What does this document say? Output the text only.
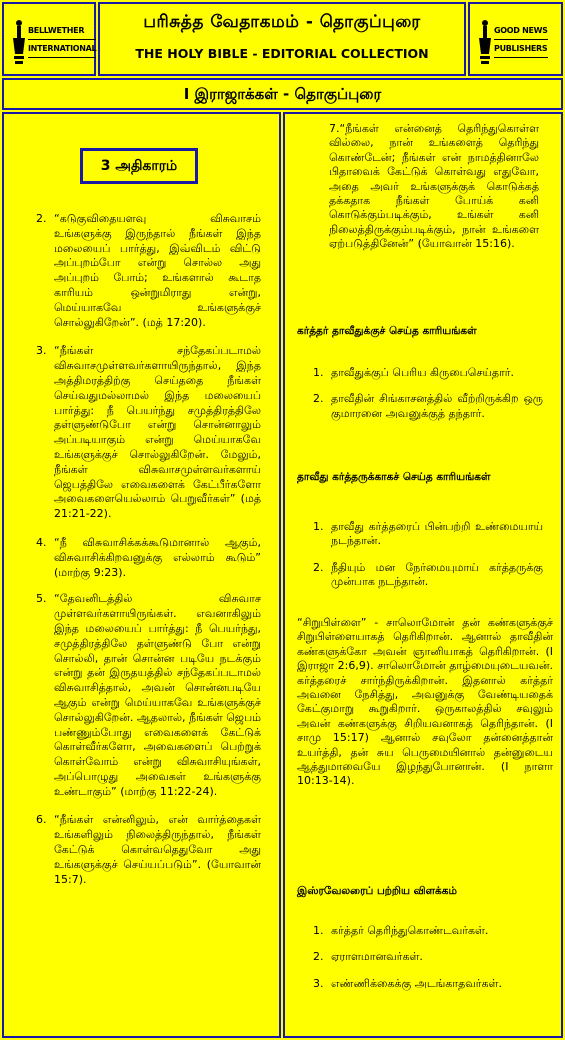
BELLWETHER
INTERNATIONAL
பரிசுத்த வேதாகமம் - தொகுப்புரை
THE HOLY BIBLE - EDITORIAL COLLECTION
GOOD NEWS
PUBLISHERS
I இராஜாக்கள் - தொகுப்புரை
3 அதிகாரம்
2. “கடுகுவிதையளவு விசுவாசம் உங்களுக்கு இருந்தால் நீங்கள் இந்த மலையைப் பார்த்து, இவ்விடம் விட்டு அப்புறம்போ என்று சொல்ல அது அப்புறம் போம்; உங்களால் கூடாத காரியம் ஒன்றுமிராது என்று, மெய்யாகவே உங்களுக்குச் சொல்லுகிறேன்”. (மத் 17:20).
3. “நீங்கள் சந்தேகப்படாமல் விசுவாசமுள்ளவர்களாயிருந்தால், இந்த அத்திமரத்திற்கு செய்ததை நீங்கள் செய்வதுமல்லாமல் இந்த மலையைப் பார்த்து: நீ பெயர்ந்து சமுத்திரத்திலே தள்ளுண்டுபோ என்று சொன்னாலும் அப்படியாகும் என்று மெய்யாகவே உங்களுக்குச் சொல்லுகிறேன். மேலும், நீங்கள் விசுவாசமுள்ளவர்களாய் ஜெபத்திலே எவைகளைக் கேட்பீர்களோ அவைகளையெல்லாம் பெறுவீர்கள்” (மத் 21:21-22).
4. “நீ விசுவாசிக்கக்கூடுமானால் ஆகும், விசுவாசிக்கிறவனுக்கு எல்லாம் கூடும்” (மாற்கு 9:23).
5. “தேவனிடத்தில் விசுவாச முள்ளவர்களாயிருங்கள். எவனாகிலும் இந்த மலையைப் பார்த்து: நீ பெயர்ந்து, சமுத்திரத்திலே தள்ளுண்டு போ என்று சொல்லி, தான் சொன்ன படியே நடக்கும் என்று தன் இருதயத்தில் சந்தேகப்படாமல் விசுவாசித்தால், அவன் சொன்னபடியே ஆகும் என்று மெய்யாகவே உங்களுக்குச் சொல்லுகிறேன். ஆதலால், நீங்கள் ஜெபம் பண்ணும்போது எவைகளைக் கேட்டுக் கொள்வீர்களோ, அவைகளைப் பெற்றுக் கொள்வோம் என்று விசுவாசியுங்கள், அப்பொழுது அவைகள் உங்களுக்கு உண்டாகும்” (மாற்கு 11:22-24).
6. “நீங்கள் என்னிலும், என் வார்த்தைகள் உங்களிலும் நிலைத்திருந்தால், நீங்கள் கேட்டுக் கொள்வதெதுவோ அது உங்களுக்குச் செய்யப்படும்”. (யோவான் 15:7).
7.“நீங்கள் என்னைத் தெரிந்துகொள்ள வில்லை, நான் உங்களைத் தெரிந்து கொண்டேன்; நீங்கள் என் நாமத்தினாலே பிதாவைக் கேட்டுக் கொள்வது எதுவோ, அதை அவர் உங்களுக்குக் கொடுக்கத் தக்கதாக நீங்கள் போய்க் கனி கொடுக்கும்படிக்கும், உங்கள் கனி நிலைத்திருக்கும்படிக்கும், நான் உங்களை ஏற்படுத்தினேன்” (யோவான் 15:16).
கர்த்தர் தாவீதுக்குச் செய்த காரியங்கள்
1. தாவீதுக்குப் பெரிய கிருபைசெய்தார்.
2. தாவீதின் சிங்காசனத்தில் வீற்றிருக்கிற ஒரு குமாரனை அவனுக்குத் தந்தார்.
தாவீது கர்த்தருக்காகச் செய்த காரியங்கள்
1. தாவீது கர்த்தரைப் பின்பற்றி உண்மையாய் நடந்தான்.
2. நீதியும் மன நேர்மையுமாய் கர்த்தருக்கு முன்பாக நடந்தான்.
“சிறுபிள்ளை” - சாலொமோன் தன் கண்களுக்குச் சிறுபிள்ளையாகத் தெரிகிறான். ஆனால் தாவீதின் கண்களுக்கோ அவன் ஞானியாகத் தெரிகிறான். (I இராஜா 2:6,9). சாலொமோன் தாழ்மையுடையவன். கர்த்தரைச் சார்ந்திருக்கிறான். இதனால் கர்த்தர் அவனை நேசித்து, அவனுக்கு வேண்டியதைக் கேட்குமாறு கூறுகிறார். ஒருகாலத்தில் சவுலும் அவன் கண்களுக்கு சிறியவனாகத் தெரிந்தான். (I சாமு 15:17) ஆனால் சவுலோ தன்னைத்தான் உயர்த்தி, தன் சுய பெருமையினால் தன்னுடைய ஆத்துமாவையே இழந்துபோனான். (I நாளா 10:13-14).
இஸ்ரவேலரைப் பற்றிய விளக்கம்
1. கர்த்தர் தெரிந்துகொண்டவர்கள்.
2. ஏராளமானவர்கள்.
3. எண்ணிக்கைக்கு அடங்காதவர்கள்.
